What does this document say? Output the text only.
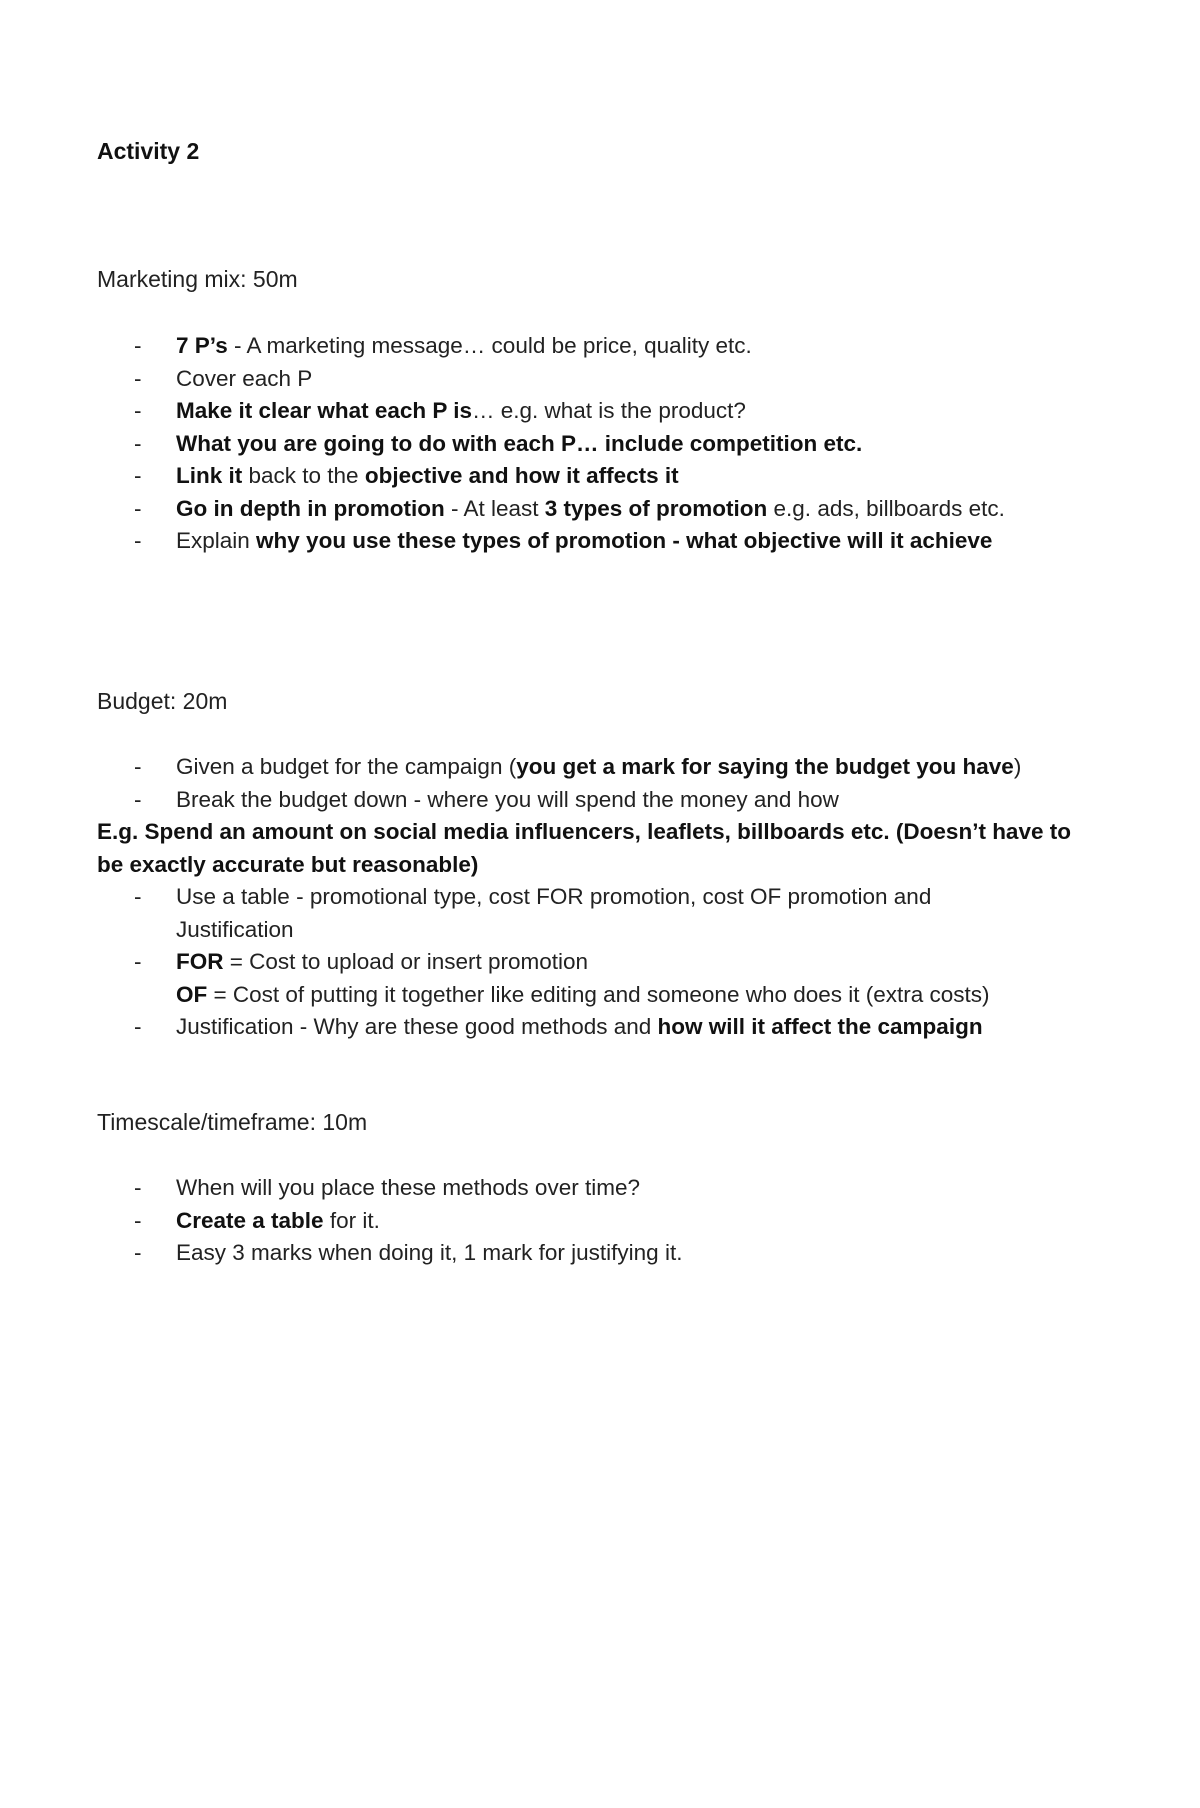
Activity 2
Marketing mix: 50m
- 7 P’s - A marketing message… could be price, quality etc.
- Cover each P
- Make it clear what each P is… e.g. what is the product?
- What you are going to do with each P… include competition etc.
- Link it back to the objective and how it affects it
- Go in depth in promotion - At least 3 types of promotion e.g. ads, billboards etc.
- Explain why you use these types of promotion - what objective will it achieve
Budget: 20m
- Given a budget for the campaign (you get a mark for saying the budget you have)
- Break the budget down - where you will spend the money and how
E.g. Spend an amount on social media influencers, leaflets, billboards etc. (Doesn’t have to be exactly accurate but reasonable)
- Use a table - promotional type, cost FOR promotion, cost OF promotion and Justification
- FOR = Cost to upload or insert promotion
OF = Cost of putting it together like editing and someone who does it (extra costs)
- Justification - Why are these good methods and how will it affect the campaign
Timescale/timeframe: 10m
- When will you place these methods over time?
- Create a table for it.
- Easy 3 marks when doing it, 1 mark for justifying it.
